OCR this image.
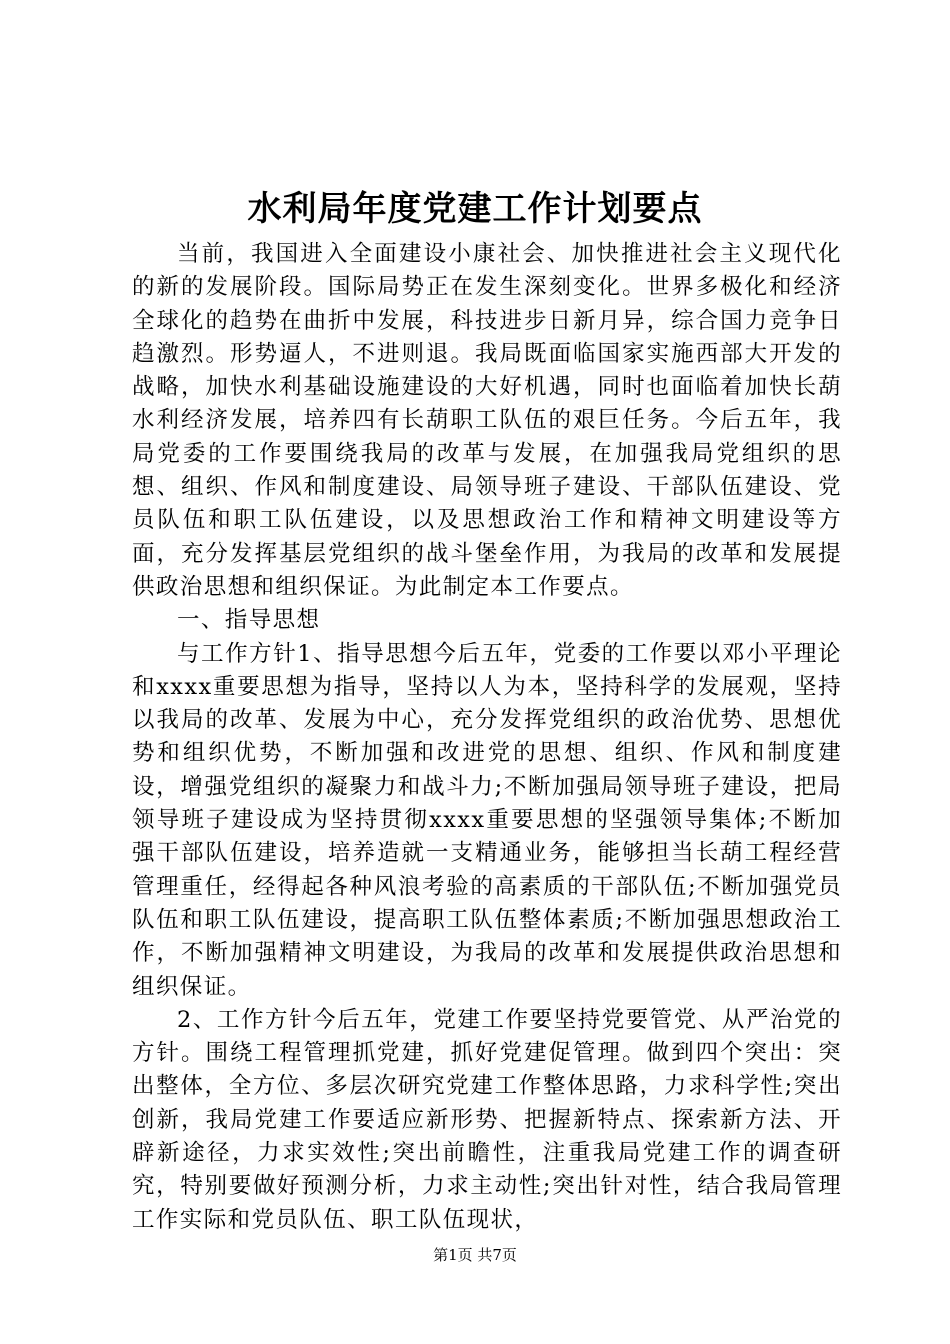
水利局年度党建工作计划要点

当前，我国进入全面建设小康社会、加快推进社会主义现代化的新的发展阶段。国际局势正在发生深刻变化。世界多极化和经济全球化的趋势在曲折中发展，科技进步日新月异，综合国力竞争日趋激烈。形势逼人，不进则退。我局既面临国家实施西部大开发的战略，加快水利基础设施建设的大好机遇，同时也面临着加快长葫水利经济发展，培养四有长葫职工队伍的艰巨任务。今后五年，我局党委的工作要围绕我局的改革与发展，在加强我局党组织的思想、组织、作风和制度建设、局领导班子建设、干部队伍建设、党员队伍和职工队伍建设，以及思想政治工作和精神文明建设等方面，充分发挥基层党组织的战斗堡垒作用，为我局的改革和发展提供政治思想和组织保证。为此制定本工作要点。

一、指导思想

与工作方针1、指导思想今后五年，党委的工作要以邓小平理论和xxxx重要思想为指导，坚持以人为本，坚持科学的发展观，坚持以我局的改革、发展为中心，充分发挥党组织的政治优势、思想优势和组织优势，不断加强和改进党的思想、组织、作风和制度建设，增强党组织的凝聚力和战斗力;不断加强局领导班子建设，把局领导班子建设成为坚持贯彻xxxx重要思想的坚强领导集体;不断加强干部队伍建设，培养造就一支精通业务，能够担当长葫工程经营管理重任，经得起各种风浪考验的高素质的干部队伍;不断加强党员队伍和职工队伍建设，提高职工队伍整体素质;不断加强思想政治工作，不断加强精神文明建设，为我局的改革和发展提供政治思想和组织保证。

2、工作方针今后五年，党建工作要坚持党要管党、从严治党的方针。围绕工程管理抓党建，抓好党建促管理。做到四个突出：突出整体，全方位、多层次研究党建工作整体思路，力求科学性;突出创新，我局党建工作要适应新形势、把握新特点、探索新方法、开辟新途径，力求实效性;突出前瞻性，注重我局党建工作的调查研究，特别要做好预测分析，力求主动性;突出针对性，结合我局管理工作实际和党员队伍、职工队伍现状，

第1页 共7页
